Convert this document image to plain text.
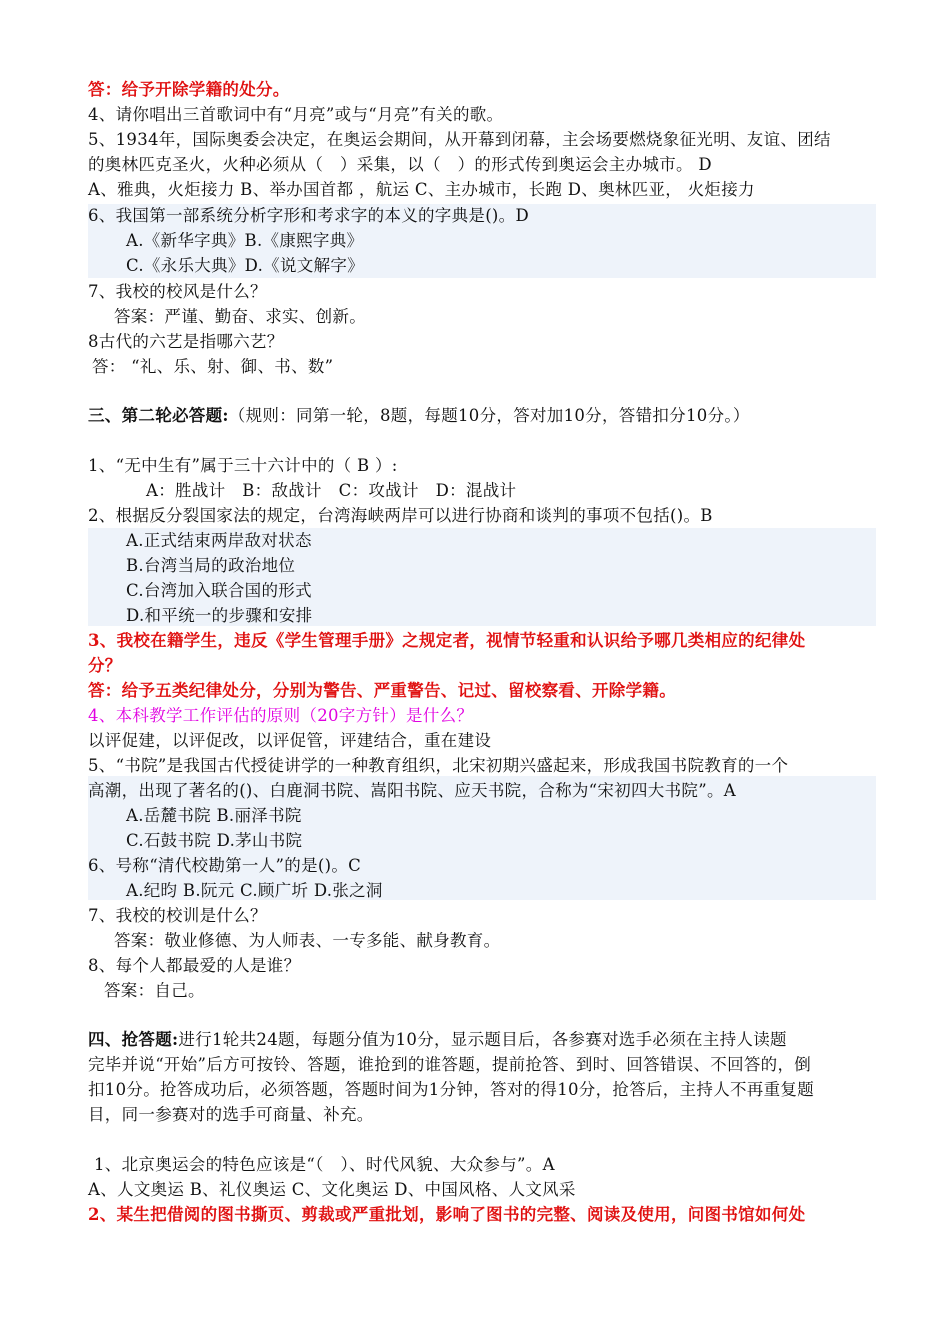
答：给予开除学籍的处分。
4、请你唱出三首歌词中有“月亮”或与“月亮”有关的歌。
5、1934年，国际奥委会决定，在奥运会期间，从开幕到闭幕，主会场要燃烧象征光明、友谊、团结
的奥林匹克圣火，火种必须从（　）采集，以（　）的形式传到奥运会主办城市。 D
A、雅典，火炬接力 B、举办国首都 ，航运 C、主办城市，长跑 D、奥林匹亚， 火炬接力
6、我国第一部系统分析字形和考求字的本义的字典是()。D
A.《新华字典》B.《康熙字典》
C.《永乐大典》D.《说文解字》
7、我校的校风是什么？
答案：严谨、勤奋、求实、创新。
8古代的六艺是指哪六艺？
答： “礼、乐、射、御、书、数”
三、第二轮必答题:（规则：同第一轮，8题，每题10分，答对加10分，答错扣分10分。）
1、“无中生有”属于三十六计中的（ B ）:
A：胜战计　B：敌战计　C：攻战计　D：混战计
2、根据反分裂国家法的规定，台湾海峡两岸可以进行协商和谈判的事项不包括()。B
A.正式结束两岸敌对状态
B.台湾当局的政治地位
C.台湾加入联合国的形式
D.和平统一的步骤和安排
3、我校在籍学生，违反《学生管理手册》之规定者，视情节轻重和认识给予哪几类相应的纪律处
分？
答：给予五类纪律处分，分别为警告、严重警告、记过、留校察看、开除学籍。
4、本科教学工作评估的原则（20字方针）是什么？
以评促建，以评促改，以评促管，评建结合，重在建设
5、“书院”是我国古代授徒讲学的一种教育组织，北宋初期兴盛起来，形成我国书院教育的一个
高潮，出现了著名的()、白鹿洞书院、嵩阳书院、应天书院，合称为“宋初四大书院”。A
A.岳麓书院 B.丽泽书院
C.石鼓书院 D.茅山书院
6、号称“清代校勘第一人”的是()。C
A.纪昀 B.阮元 C.顾广圻 D.张之洞
7、我校的校训是什么？
答案：敬业修德、为人师表、一专多能、献身教育。
8、每个人都最爱的人是谁？
答案：自己。
四、抢答题:进行1轮共24题，每题分值为10分，显示题目后，各参赛对选手必须在主持人读题
完毕并说“开始”后方可按铃、答题，谁抢到的谁答题，提前抢答、到时、回答错误、不回答的，倒
扣10分。抢答成功后，必须答题，答题时间为1分钟，答对的得10分，抢答后，主持人不再重复题
目，同一参赛对的选手可商量、补充。
1、北京奥运会的特色应该是“（　）、时代风貌、大众参与”。A
A、人文奥运 B、礼仪奥运 C、文化奥运 D、中国风格、人文风采
2、某生把借阅的图书撕页、剪裁或严重批划，影响了图书的完整、阅读及使用，问图书馆如何处
